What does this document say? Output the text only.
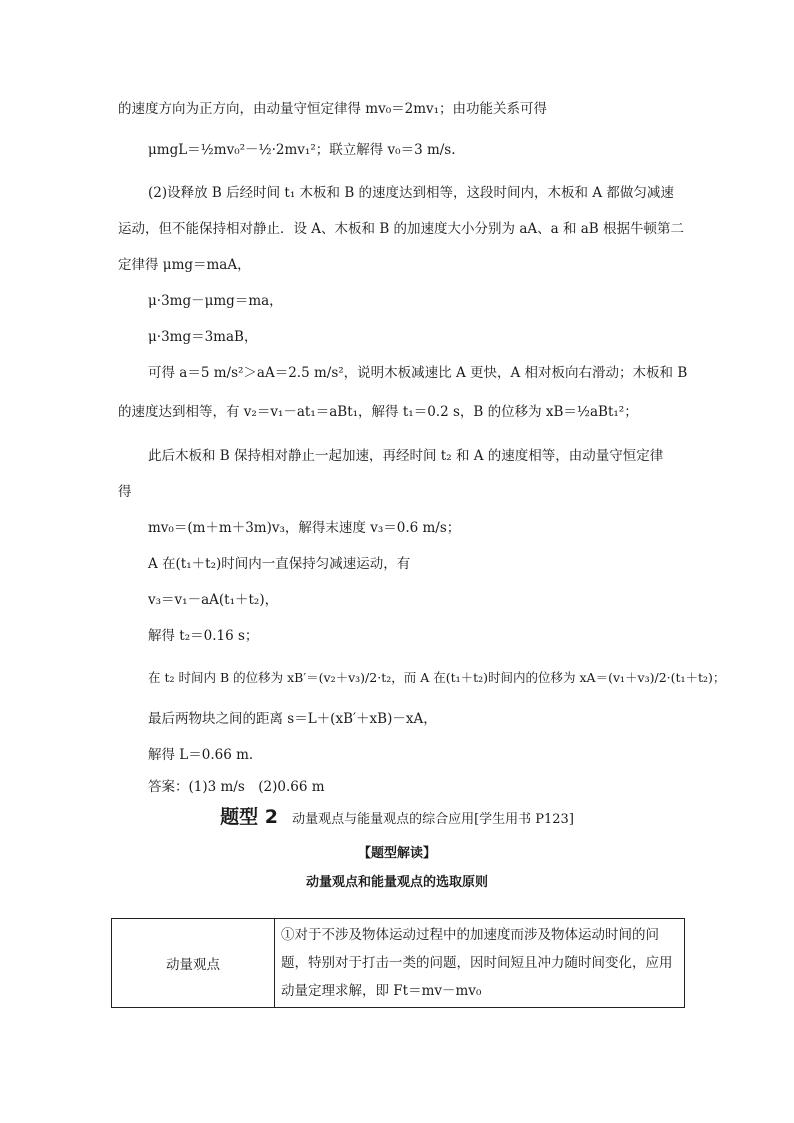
的速度方向为正方向，由动量守恒定律得 mv₀＝2mv₁；由功能关系可得
μmgL＝½mv₀²－½·2mv₁²；联立解得 v₀＝3 m/s.
(2)设释放 B 后经时间 t₁ 木板和 B 的速度达到相等，这段时间内，木板和 A 都做匀减速
运动，但不能保持相对静止．设 A、木板和 B 的加速度大小分别为 aA、a 和 aB 根据牛顿第二
定律得 μmg＝maA，
μ·3mg－μmg＝ma，
μ·3mg＝3maB，
可得 a＝5 m/s²＞aA＝2.5 m/s²，说明木板减速比 A 更快，A 相对板向右滑动；木板和 B
的速度达到相等，有 v₂＝v₁－at₁＝aBt₁，解得 t₁＝0.2 s，B 的位移为 xB＝½aBt₁²；
此后木板和 B 保持相对静止一起加速，再经时间 t₂ 和 A 的速度相等，由动量守恒定律
得
mv₀＝(m＋m＋3m)v₃，解得末速度 v₃＝0.6 m/s；
A 在(t₁＋t₂)时间内一直保持匀减速运动，有
v₃＝v₁－aA(t₁＋t₂)，
解得 t₂＝0.16 s；
在 t₂ 时间内 B 的位移为 xB′＝(v₂＋v₃)/2·t₂，而 A 在(t₁＋t₂)时间内的位移为 xA＝(v₁＋v₃)/2·(t₁＋t₂)；
最后两物块之间的距离 s＝L＋(xB′＋xB)－xA，
解得 L＝0.66 m.
答案：(1)3 m/s　(2)0.66 m
题型 2 动量观点与能量观点的综合应用[学生用书 P123]
【题型解读】
动量观点和能量观点的选取原则
动量观点	①对于不涉及物体运动过程中的加速度而涉及物体运动时间的问题，特别对于打击一类的问题，因时间短且冲力随时间变化，应用动量定理求解，即 Ft＝mv－mv₀
